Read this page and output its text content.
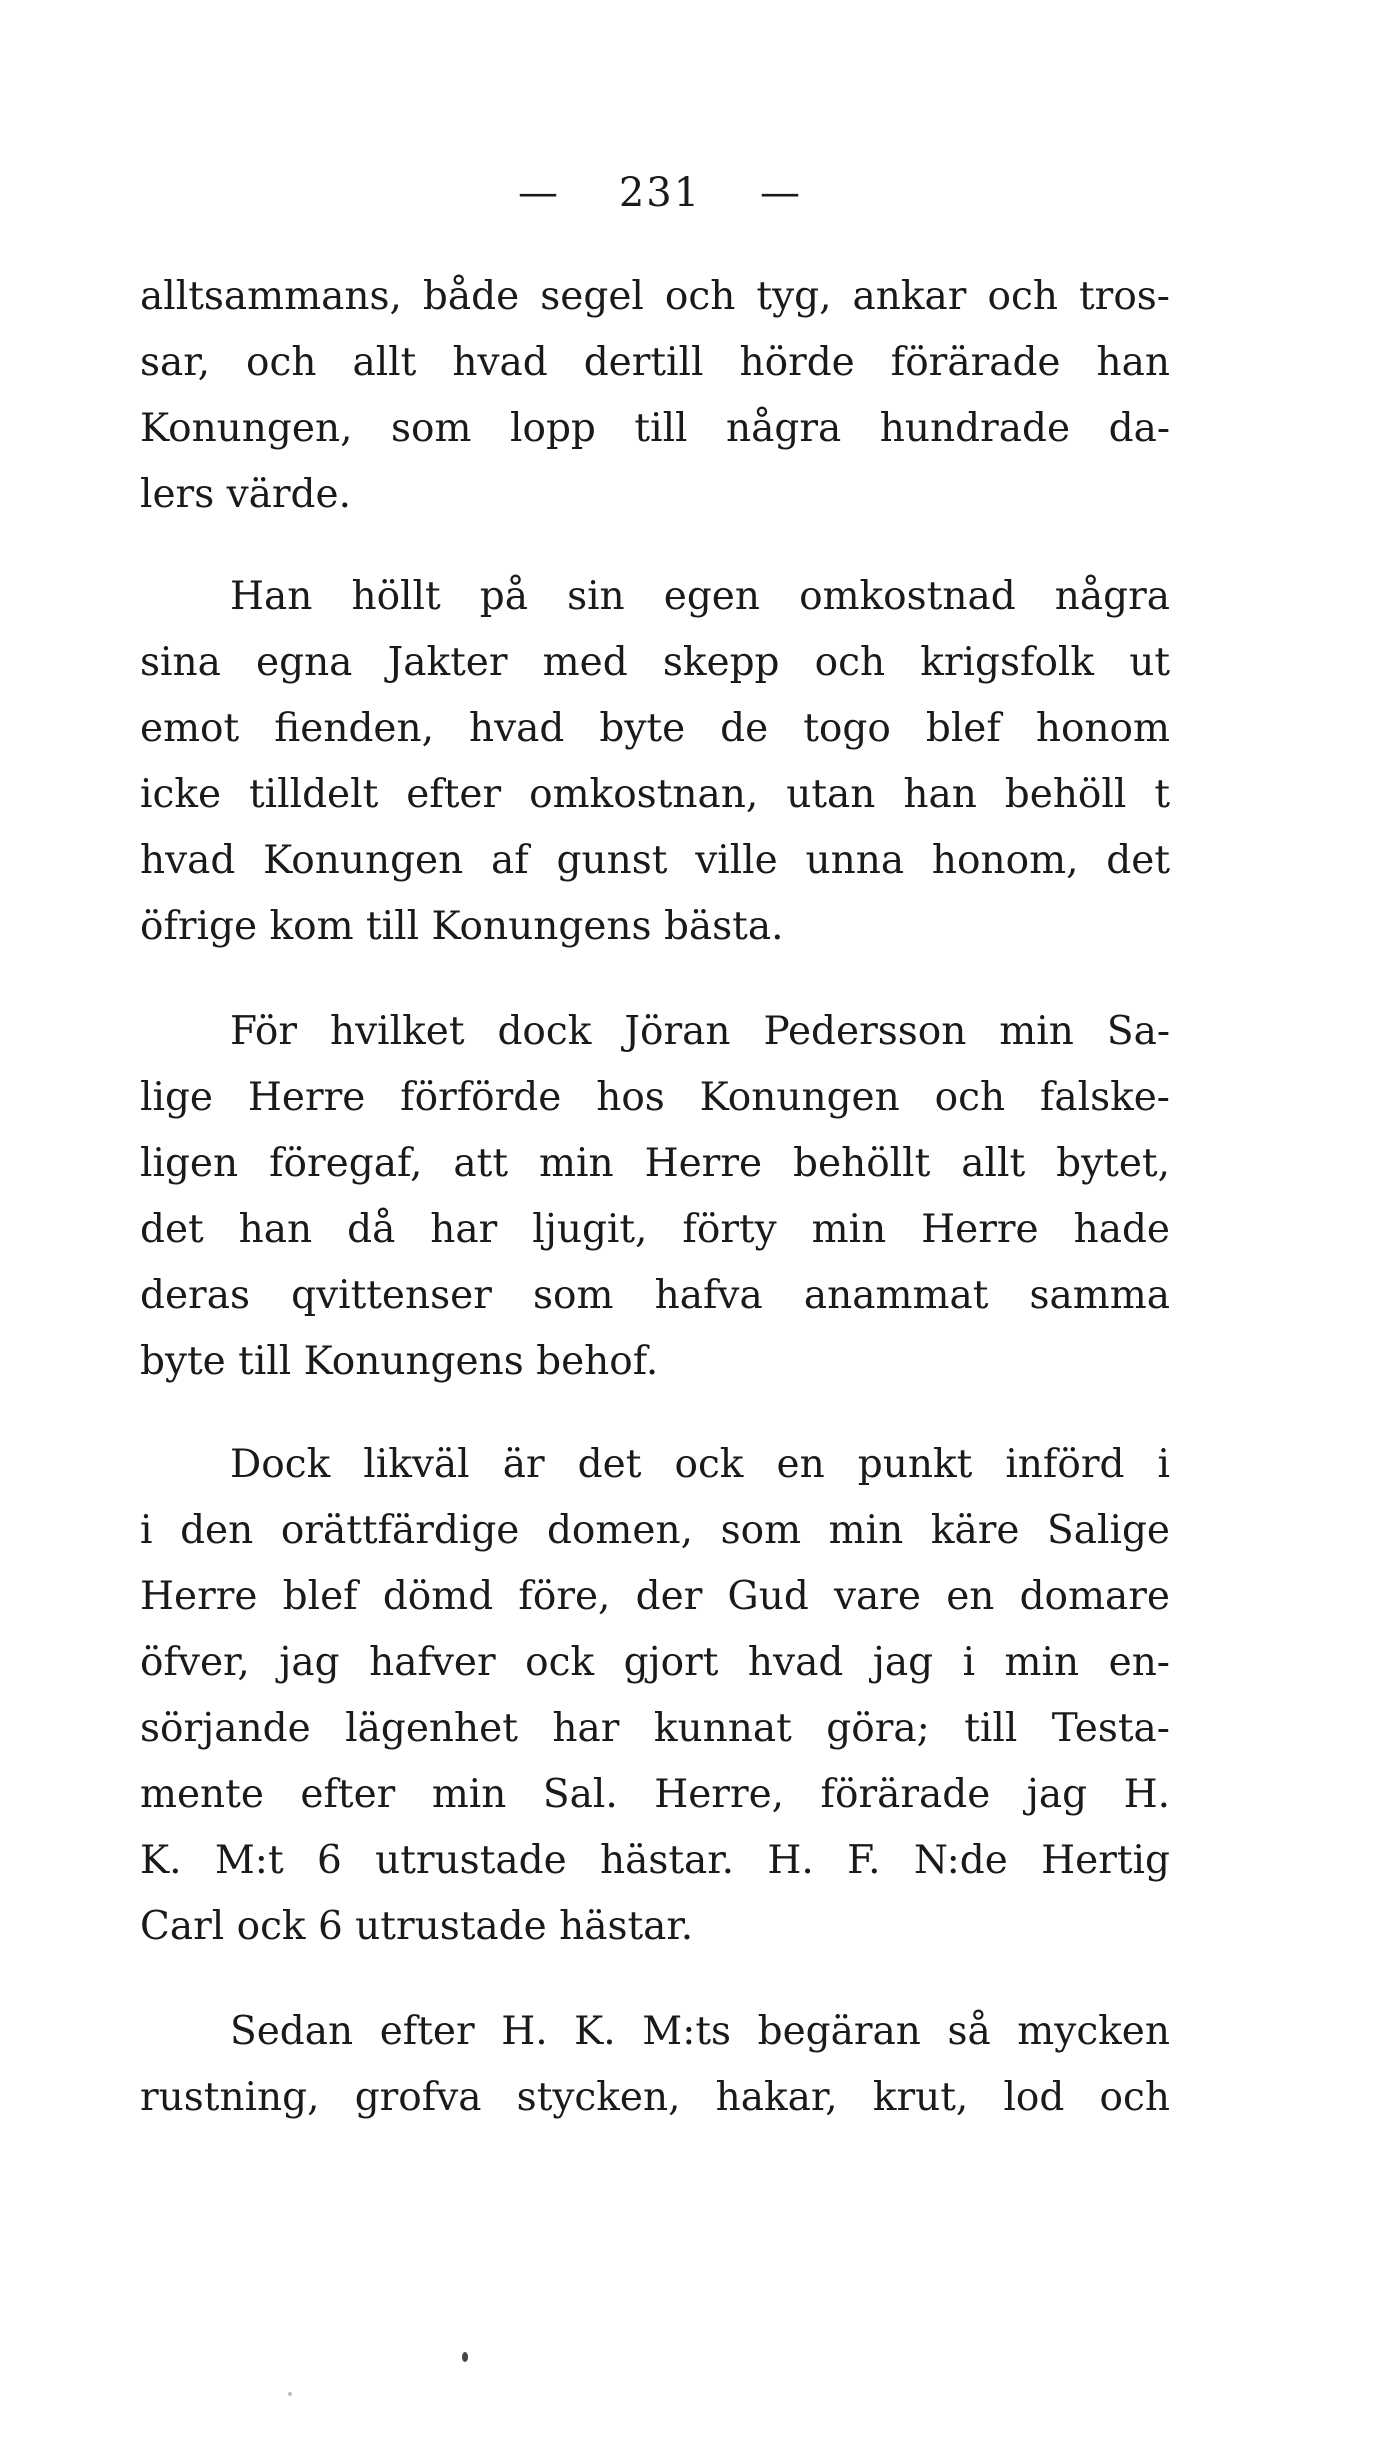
—    231    —
alltsammans, både segel och tyg, ankar och tros-
sar, och allt hvad dertill hörde förärade han
Konungen, som lopp till några hundrade da-
lers värde.
Han höllt på sin egen omkostnad några
sina egna Jakter med skepp och krigsfolk ut
emot fienden, hvad byte de togo blef honom
icke tilldelt efter omkostnan, utan han behöll t
hvad Konungen af gunst ville unna honom, det
öfrige kom till Konungens bästa.
För hvilket dock Jöran Pedersson min Sa-
lige Herre förförde hos Konungen och falske-
ligen föregaf, att min Herre behöllt allt bytet,
det han då har ljugit, förty min Herre hade
deras qvittenser som hafva anammat samma
byte till Konungens behof.
Dock likväl är det ock en punkt införd i
i den orättfärdige domen, som min käre Salige
Herre blef dömd före, der Gud vare en domare
öfver, jag hafver ock gjort hvad jag i min en-
sörjande lägenhet har kunnat göra; till Testa-
mente efter min Sal. Herre, förärade jag H.
K. M:t 6 utrustade hästar. H. F. N:de Hertig
Carl ock 6 utrustade hästar.
Sedan efter H. K. M:ts begäran så mycken
rustning, grofva stycken, hakar, krut, lod och
